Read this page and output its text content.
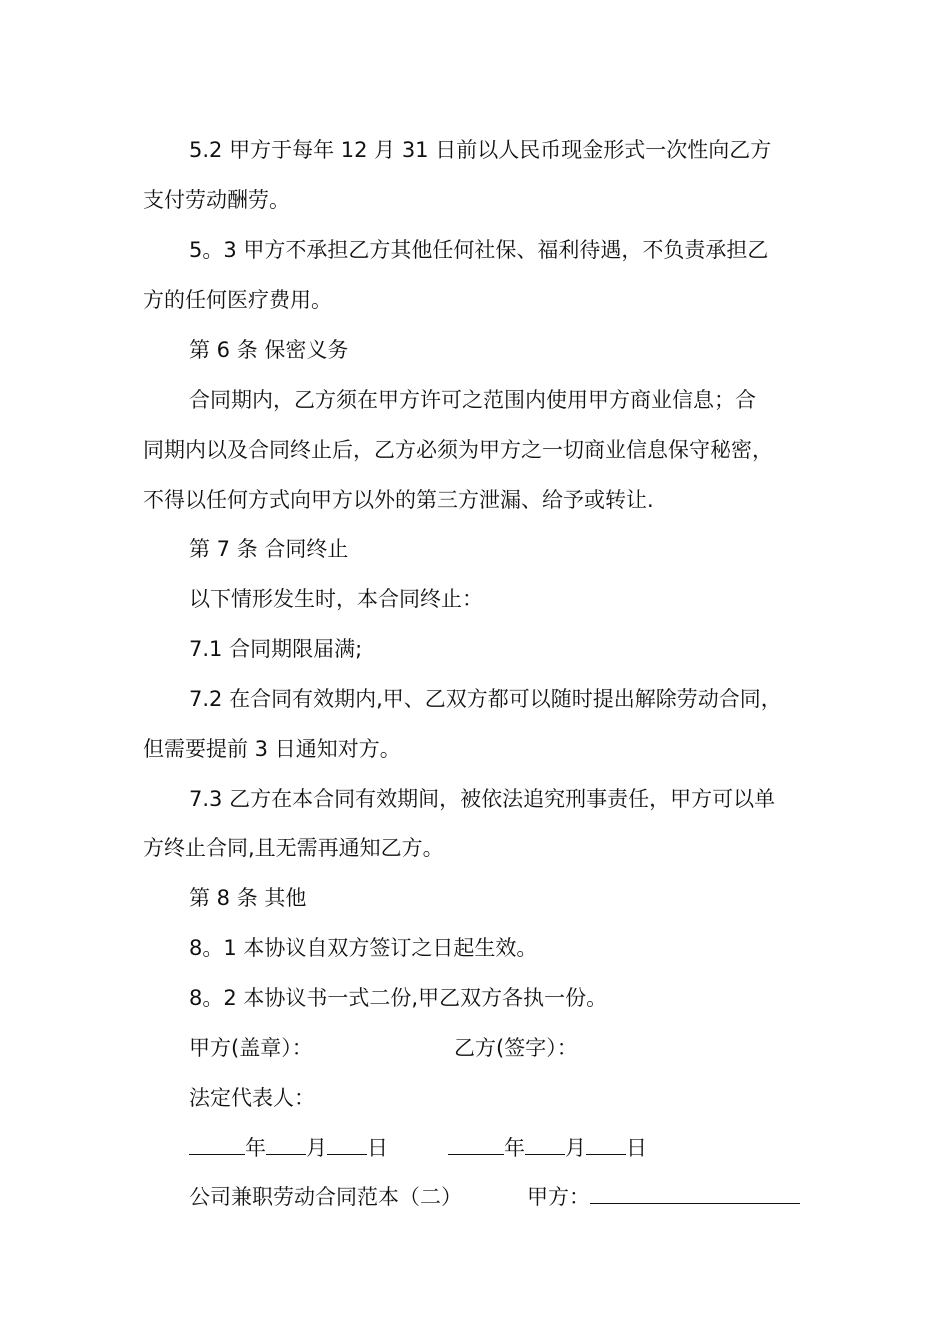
5.2 甲方于每年 12 月 31 日前以人民币现金形式一次性向乙方
支付劳动酬劳。
5。3 甲方不承担乙方其他任何社保、福利待遇，不负责承担乙
方的任何医疗费用。
第 6 条 保密义务
合同期内，乙方须在甲方许可之范围内使用甲方商业信息；合
同期内以及合同终止后，乙方必须为甲方之一切商业信息保守秘密，
不得以任何方式向甲方以外的第三方泄漏、给予或转让.
第 7 条 合同终止
以下情形发生时，本合同终止：
7.1 合同期限届满;
7.2 在合同有效期内,甲、乙双方都可以随时提出解除劳动合同，
但需要提前 3 日通知对方。
7.3 乙方在本合同有效期间，被依法追究刑事责任，甲方可以单
方终止合同,且无需再通知乙方。
第 8 条 其他
8。1 本协议自双方签订之日起生效。
8。2 本协议书一式二份,甲乙双方各执一份。
甲方(盖章）：	乙方(签字）：
法定代表人：
年 月 日	年 月 日
公司兼职劳动合同范本（二）	甲方：
